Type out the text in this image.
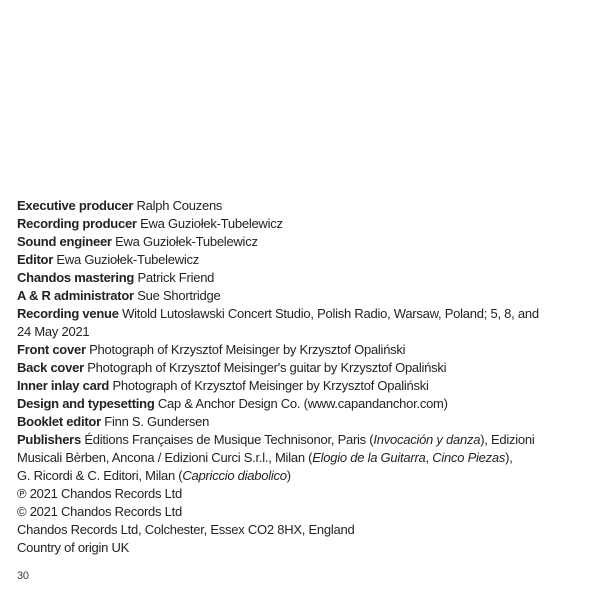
Executive producer Ralph Couzens
Recording producer Ewa Guziołek-Tubelewicz
Sound engineer Ewa Guziołek-Tubelewicz
Editor Ewa Guziołek-Tubelewicz
Chandos mastering Patrick Friend
A & R administrator Sue Shortridge
Recording venue Witold Lutosławski Concert Studio, Polish Radio, Warsaw, Poland; 5, 8, and
24 May 2021
Front cover Photograph of Krzysztof Meisinger by Krzysztof Opaliński
Back cover Photograph of Krzysztof Meisinger's guitar by Krzysztof Opaliński
Inner inlay card Photograph of Krzysztof Meisinger by Krzysztof Opaliński
Design and typesetting Cap & Anchor Design Co. (www.capandanchor.com)
Booklet editor Finn S. Gundersen
Publishers Éditions Françaises de Musique Technisonor, Paris (Invocación y danza), Edizioni
Musicali Bèrben, Ancona / Edizioni Curci S.r.l., Milan (Elogio de la Guitarra, Cinco Piezas),
G. Ricordi & C. Editori, Milan (Capriccio diabolico)
℗ 2021 Chandos Records Ltd
© 2021 Chandos Records Ltd
Chandos Records Ltd, Colchester, Essex CO2 8HX, England
Country of origin UK
30
